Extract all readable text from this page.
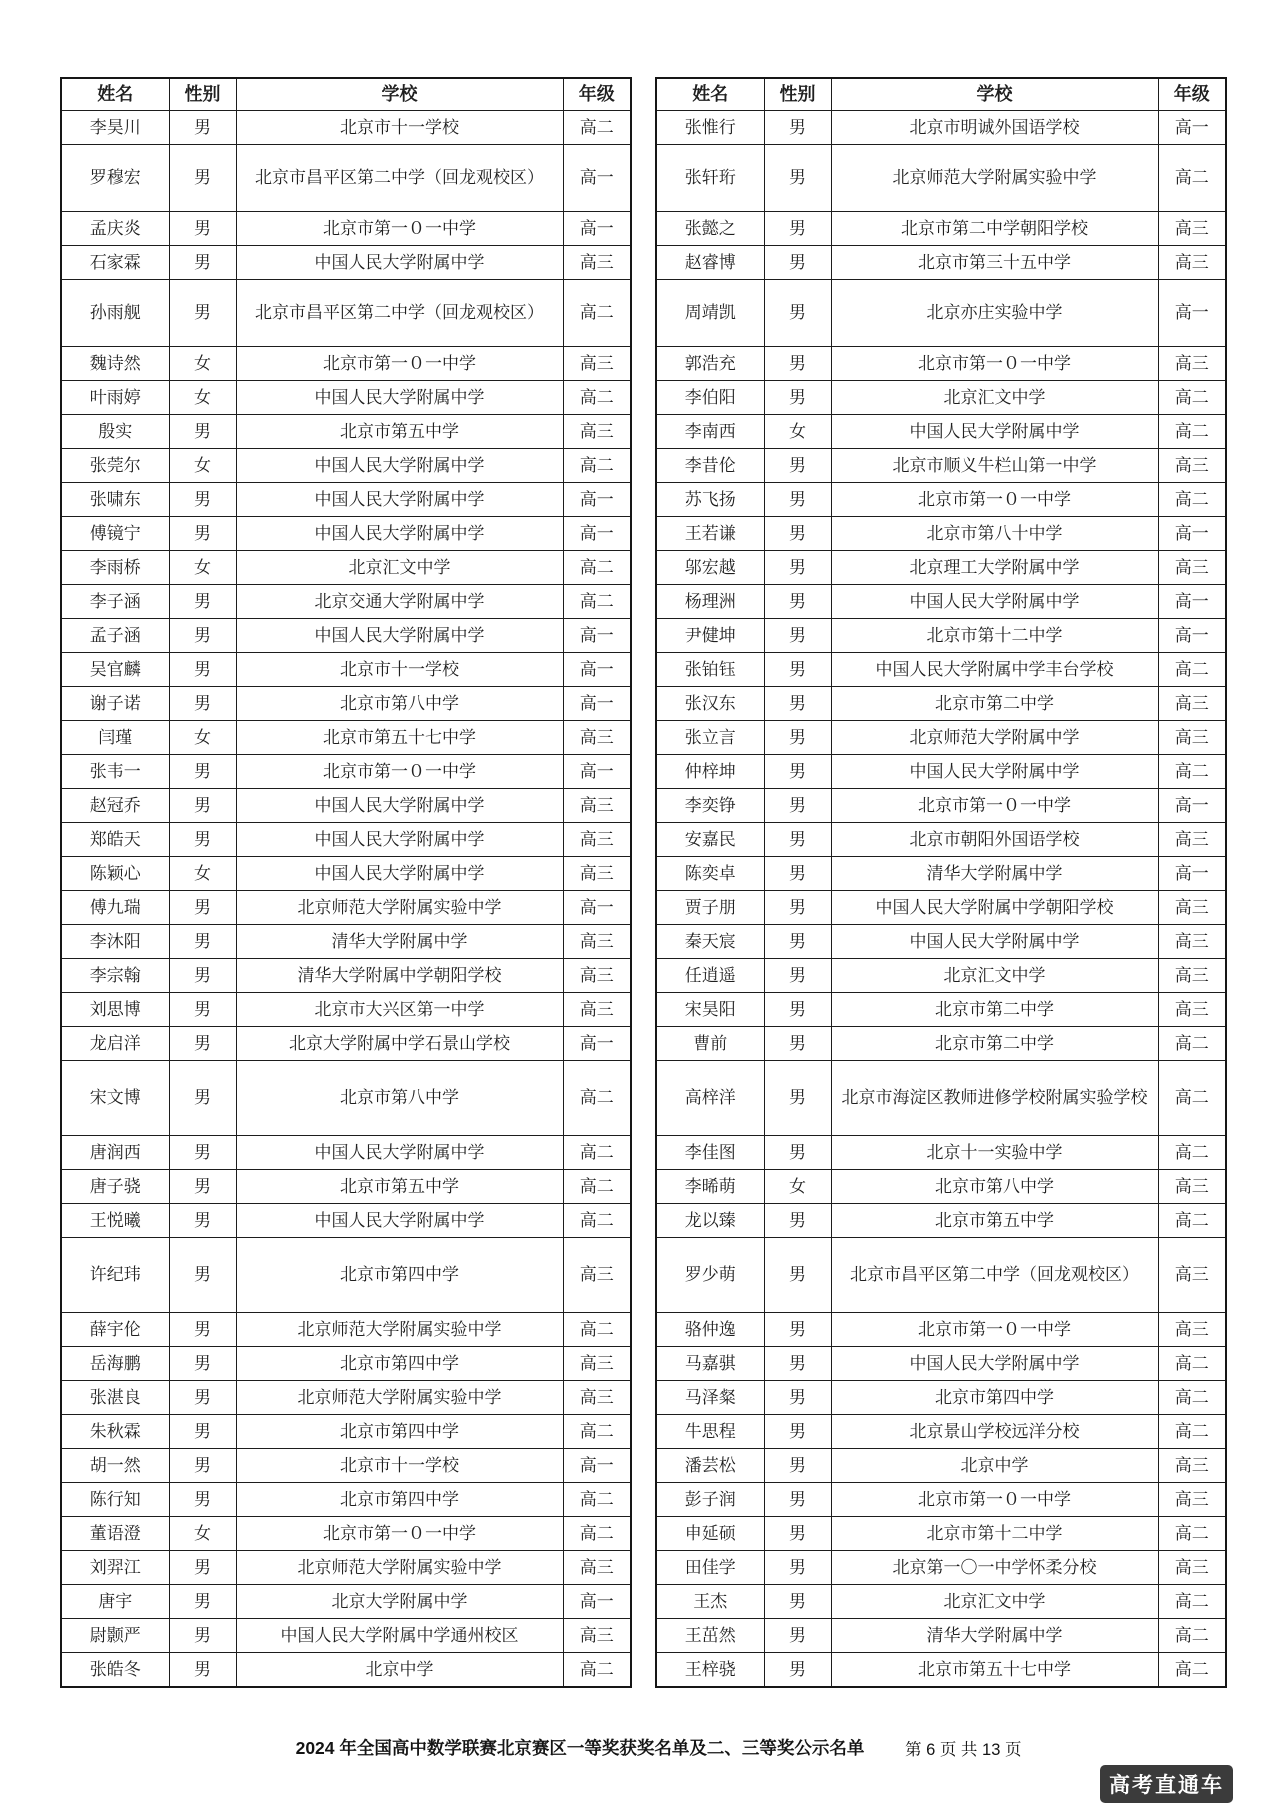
姓名	性别	学校	年级
李昊川	男	北京市十一学校	高二
罗穆宏	男	北京市昌平区第二中学（回龙观校区）	高一
孟庆炎	男	北京市第一０一中学	高一
石家霖	男	中国人民大学附属中学	高三
孙雨舰	男	北京市昌平区第二中学（回龙观校区）	高二
魏诗然	女	北京市第一０一中学	高三
叶雨婷	女	中国人民大学附属中学	高二
殷实	男	北京市第五中学	高三
张莞尔	女	中国人民大学附属中学	高二
张啸东	男	中国人民大学附属中学	高一
傅镜宁	男	中国人民大学附属中学	高一
李雨桥	女	北京汇文中学	高二
李子涵	男	北京交通大学附属中学	高二
孟子涵	男	中国人民大学附属中学	高一
吴官麟	男	北京市十一学校	高一
谢子诺	男	北京市第八中学	高一
闫瑾	女	北京市第五十七中学	高三
张韦一	男	北京市第一０一中学	高一
赵冠乔	男	中国人民大学附属中学	高三
郑皓天	男	中国人民大学附属中学	高三
陈颖心	女	中国人民大学附属中学	高三
傅九瑞	男	北京师范大学附属实验中学	高一
李沐阳	男	清华大学附属中学	高三
李宗翰	男	清华大学附属中学朝阳学校	高三
刘思博	男	北京市大兴区第一中学	高三
龙启洋	男	北京大学附属中学石景山学校	高一
宋文博	男	北京市第八中学	高二
唐润西	男	中国人民大学附属中学	高二
唐子骁	男	北京市第五中学	高二
王悦曦	男	中国人民大学附属中学	高二
许纪玮	男	北京市第四中学	高三
薛宇伦	男	北京师范大学附属实验中学	高二
岳海鹏	男	北京市第四中学	高三
张湛良	男	北京师范大学附属实验中学	高三
朱秋霖	男	北京市第四中学	高二
胡一然	男	北京市十一学校	高一
陈行知	男	北京市第四中学	高二
董语澄	女	北京市第一０一中学	高二
刘羿江	男	北京师范大学附属实验中学	高三
唐宇	男	北京大学附属中学	高一
尉颢严	男	中国人民大学附属中学通州校区	高三
张皓冬	男	北京中学	高二
姓名	性别	学校	年级
张惟行	男	北京市明诚外国语学校	高一
张轩珩	男	北京师范大学附属实验中学	高二
张懿之	男	北京市第二中学朝阳学校	高三
赵睿博	男	北京市第三十五中学	高三
周靖凯	男	北京亦庄实验中学	高一
郭浩充	男	北京市第一０一中学	高三
李伯阳	男	北京汇文中学	高二
李南西	女	中国人民大学附属中学	高二
李昔伦	男	北京市顺义牛栏山第一中学	高三
苏飞扬	男	北京市第一０一中学	高二
王若谦	男	北京市第八十中学	高一
邬宏越	男	北京理工大学附属中学	高三
杨理洲	男	中国人民大学附属中学	高一
尹健坤	男	北京市第十二中学	高一
张铂钰	男	中国人民大学附属中学丰台学校	高二
张汉东	男	北京市第二中学	高三
张立言	男	北京师范大学附属中学	高三
仲梓坤	男	中国人民大学附属中学	高二
李奕铮	男	北京市第一０一中学	高一
安嘉民	男	北京市朝阳外国语学校	高三
陈奕卓	男	清华大学附属中学	高一
贾子朋	男	中国人民大学附属中学朝阳学校	高三
秦天宸	男	中国人民大学附属中学	高三
任逍遥	男	北京汇文中学	高三
宋昊阳	男	北京市第二中学	高三
曹前	男	北京市第二中学	高二
高梓洋	男	北京市海淀区教师进修学校附属实验学校	高二
李佳图	男	北京十一实验中学	高二
李晞萌	女	北京市第八中学	高三
龙以臻	男	北京市第五中学	高二
罗少萌	男	北京市昌平区第二中学（回龙观校区）	高三
骆仲逸	男	北京市第一０一中学	高三
马嘉骐	男	中国人民大学附属中学	高二
马泽粲	男	北京市第四中学	高二
牛思程	男	北京景山学校远洋分校	高二
潘芸松	男	北京中学	高三
彭子润	男	北京市第一０一中学	高三
申延硕	男	北京市第十二中学	高二
田佳学	男	北京第一〇一中学怀柔分校	高三
王杰	男	北京汇文中学	高二
王茁然	男	清华大学附属中学	高二
王梓骁	男	北京市第五十七中学	高二
2024 年全国高中数学联赛北京赛区一等奖获奖名单及二、三等奖公示名单	第 6 页 共 13 页
高考直通车
